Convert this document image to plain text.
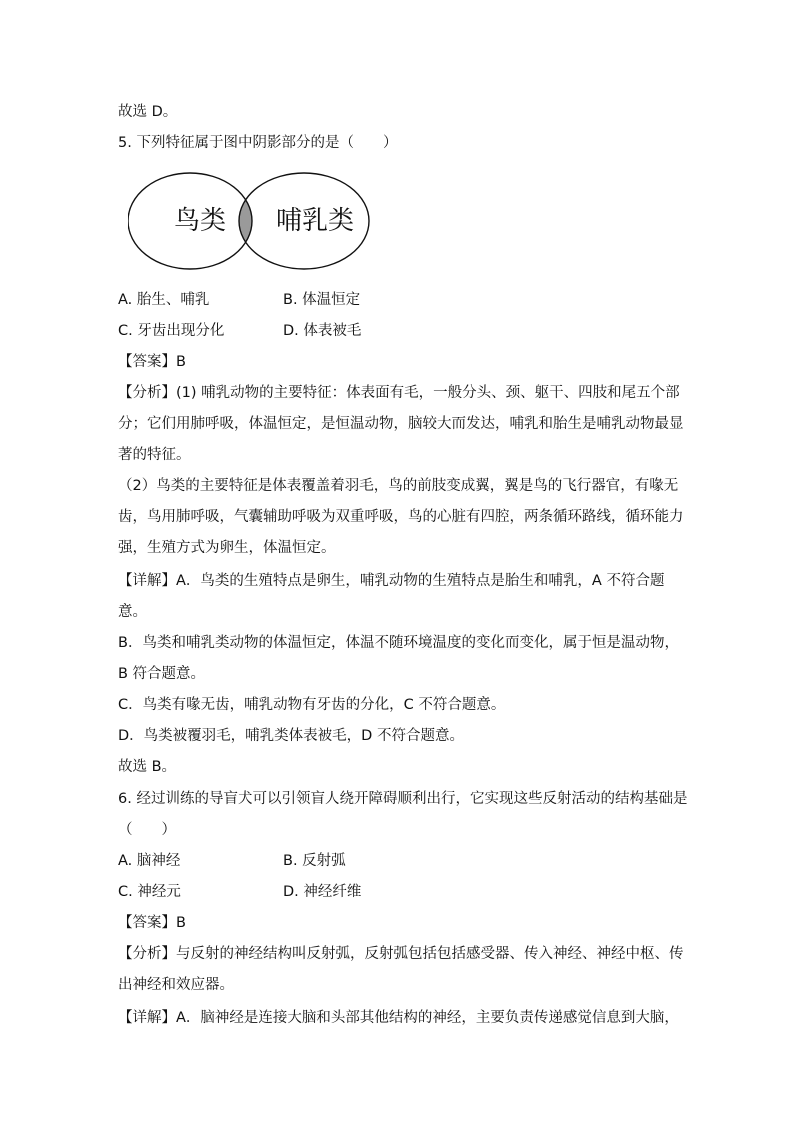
故选 D。
5. 下列特征属于图中阴影部分的是（　　）
鸟类 哺乳类
A. 胎生、哺乳	B. 体温恒定
C. 牙齿出现分化	D. 体表被毛
【答案】B
【分析】(1) 哺乳动物的主要特征：体表面有毛，一般分头、颈、躯干、四肢和尾五个部
分；它们用肺呼吸，体温恒定，是恒温动物，脑较大而发达，哺乳和胎生是哺乳动物最显
著的特征。
（2）鸟类的主要特征是体表覆盖着羽毛，鸟的前肢变成翼，翼是鸟的飞行器官，有喙无
齿，鸟用肺呼吸，气囊辅助呼吸为双重呼吸，鸟的心脏有四腔，两条循环路线，循环能力
强，生殖方式为卵生，体温恒定。
【详解】A．鸟类的生殖特点是卵生，哺乳动物的生殖特点是胎生和哺乳，A 不符合题
意。
B．鸟类和哺乳类动物的体温恒定，体温不随环境温度的变化而变化，属于恒是温动物，
B 符合题意。
C．鸟类有喙无齿，哺乳动物有牙齿的分化，C 不符合题意。
D．鸟类被覆羽毛，哺乳类体表被毛，D 不符合题意。
故选 B。
6. 经过训练的导盲犬可以引领盲人绕开障碍顺利出行，它实现这些反射活动的结构基础是
（　　）
A. 脑神经	B. 反射弧
C. 神经元	D. 神经纤维
【答案】B
【分析】与反射的神经结构叫反射弧，反射弧包括包括感受器、传入神经、神经中枢、传
出神经和效应器。
【详解】A．脑神经是连接大脑和头部其他结构的神经，主要负责传递感觉信息到大脑，
